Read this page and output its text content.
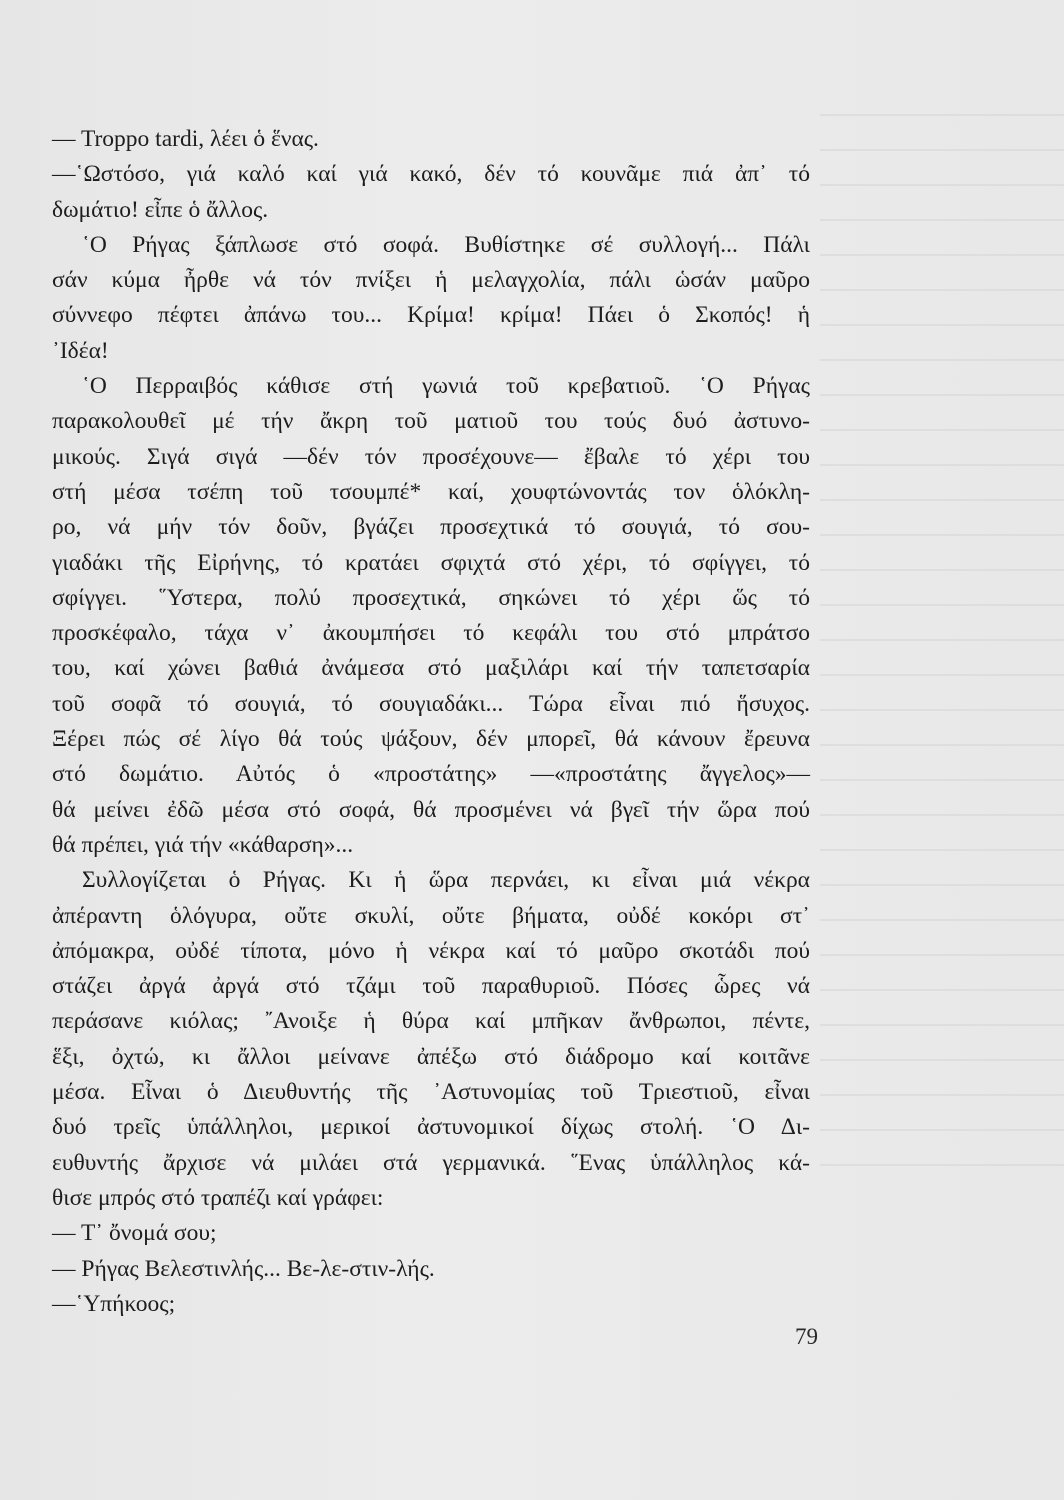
— Troppo tardi, λέει ὁ ἕνας.
—῾Ωστόσο, γιά καλό καί γιά κακό, δέν τό κουνᾶμε πιά ἀπ᾽ τό
δωμάτιο! εἶπε ὁ ἄλλος.
῾Ο Ρήγας ξάπλωσε στό σοφά. Βυθίστηκε σέ συλλογή... Πάλι
σάν κύμα ἦρθε νά τόν πνίξει ἡ μελαγχολία, πάλι ὡσάν μαῦρο
σύννεφο πέφτει ἀπάνω του... Κρίμα! κρίμα! Πάει ὁ Σκοπός! ἡ
᾽Ιδέα!
῾Ο Περραιβός κάθισε στή γωνιά τοῦ κρεβατιοῦ. ῾Ο Ρήγας
παρακολουθεῖ μέ τήν ἄκρη τοῦ ματιοῦ του τούς δυό ἀστυνο-
μικούς. Σιγά σιγά —δέν τόν προσέχουνε— ἔβαλε τό χέρι του
στή μέσα τσέπη τοῦ τσουμπέ* καί, χουφτώνοντάς τον ὁλόκλη-
ρο, νά μήν τόν δοῦν, βγάζει προσεχτικά τό σουγιά, τό σου-
γιαδάκι τῆς Εἰρήνης, τό κρατάει σφιχτά στό χέρι, τό σφίγγει, τό
σφίγγει. ῞Υστερα, πολύ προσεχτικά, σηκώνει τό χέρι ὥς τό
προσκέφαλο, τάχα ν᾽ ἀκουμπήσει τό κεφάλι του στό μπράτσο
του, καί χώνει βαθιά ἀνάμεσα στό μαξιλάρι καί τήν ταπετσαρία
τοῦ σοφᾶ τό σουγιά, τό σουγιαδάκι... Τώρα εἶναι πιό ἥσυχος.
Ξέρει πώς σέ λίγο θά τούς ψάξουν, δέν μπορεῖ, θά κάνουν ἔρευνα
στό δωμάτιο. Αὐτός ὁ «προστάτης» —«προστάτης ἄγγελος»—
θά μείνει ἐδῶ μέσα στό σοφά, θά προσμένει νά βγεῖ τήν ὥρα πού
θά πρέπει, γιά τήν «κάθαρση»...
Συλλογίζεται ὁ Ρήγας. Κι ἡ ὥρα περνάει, κι εἶναι μιά νέκρα
ἀπέραντη ὁλόγυρα, οὔτε σκυλί, οὔτε βήματα, οὐδέ κοκόρι στ᾽
ἀπόμακρα, οὐδέ τίποτα, μόνο ἡ νέκρα καί τό μαῦρο σκοτάδι πού
στάζει ἀργά ἀργά στό τζάμι τοῦ παραθυριοῦ. Πόσες ὧρες νά
περάσανε κιόλας; ῎Ανοιξε ἡ θύρα καί μπῆκαν ἄνθρωποι, πέντε,
ἕξι, ὀχτώ, κι ἄλλοι μείνανε ἀπέξω στό διάδρομο καί κοιτᾶνε
μέσα. Εἶναι ὁ Διευθυντής τῆς ᾽Αστυνομίας τοῦ Τριεστιοῦ, εἶναι
δυό τρεῖς ὑπάλληλοι, μερικοί ἀστυνομικοί δίχως στολή. ῾Ο Δι-
ευθυντής ἄρχισε νά μιλάει στά γερμανικά. ῞Ενας ὑπάλληλος κά-
θισε μπρός στό τραπέζι καί γράφει:
— Τ᾽ ὄνομά σου;
— Ρήγας Βελεστινλής... Βε-λε-στιν-λής.
—῾Υπήκοος;
79
